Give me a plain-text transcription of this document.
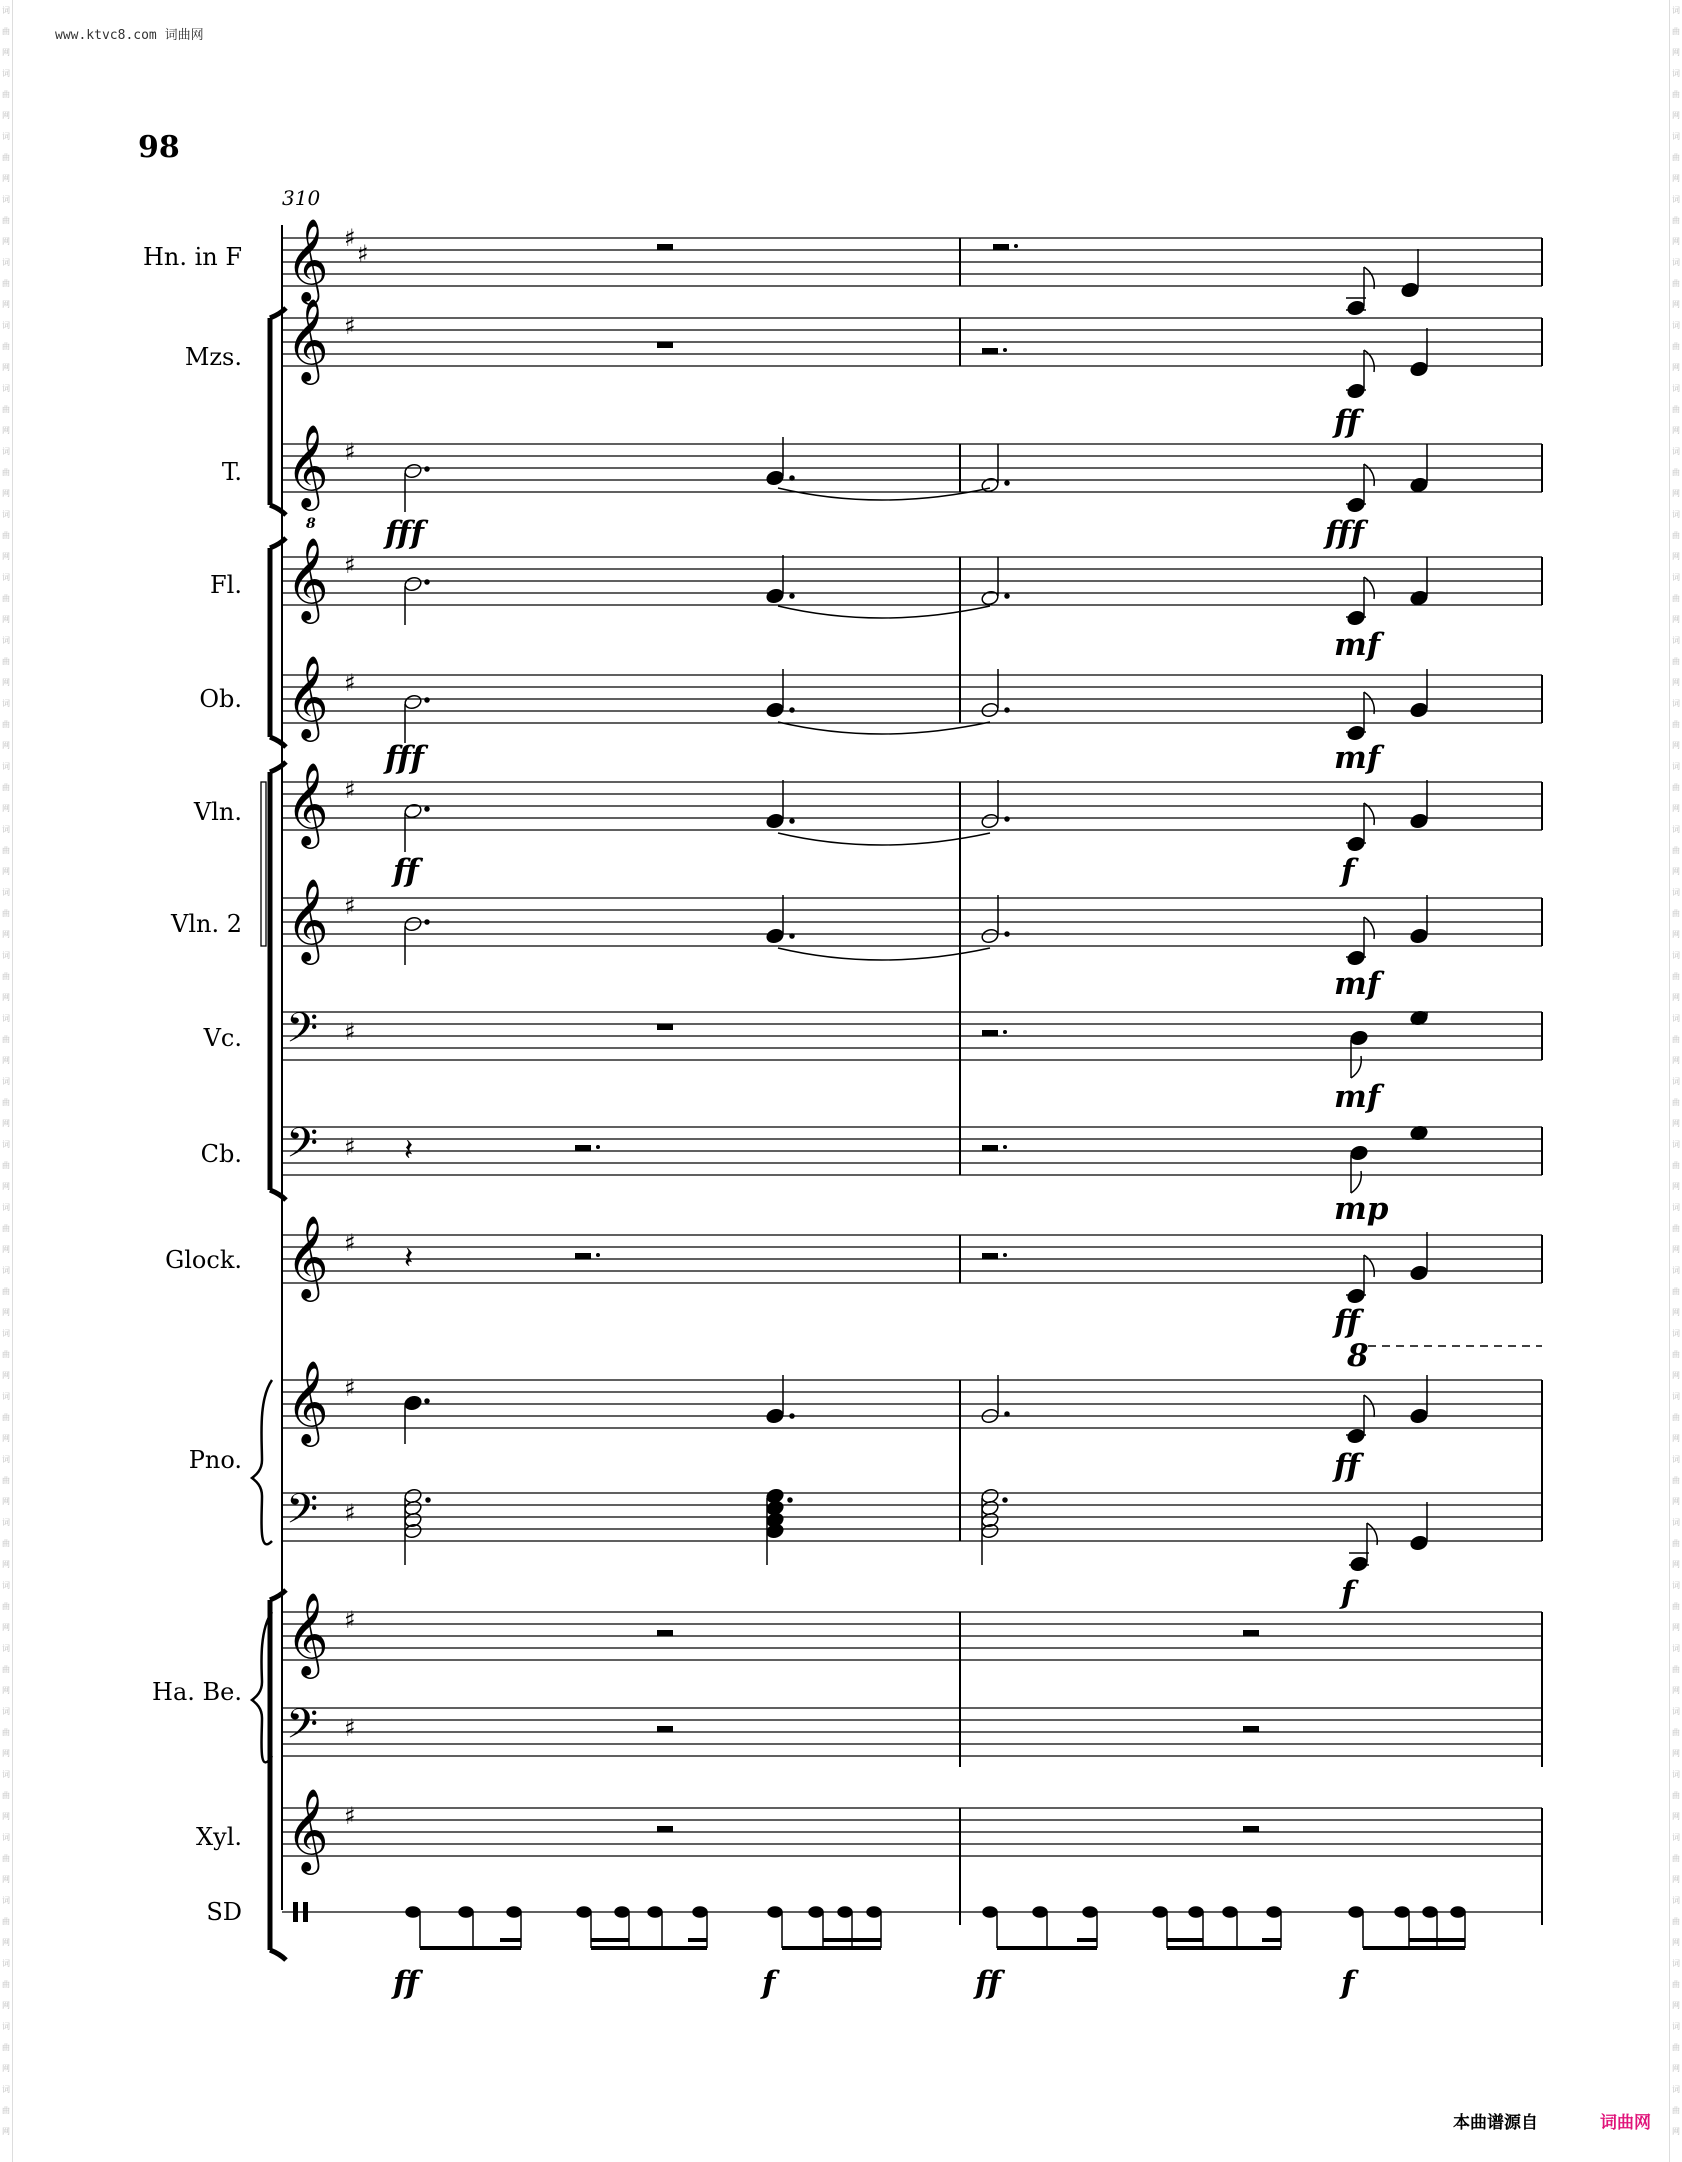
词曲网
词曲网
词曲网
词曲网
词曲网
词曲网
词曲网
词曲网
词曲网
词曲网
词曲网
词曲网
词曲网
词曲网
词曲网
词曲网
词曲网
词曲网
词曲网
词曲网
词曲网
词曲网
词曲网
词曲网
词曲网
词曲网
词曲网
词曲网
词曲网
词曲网
词曲网
词曲网
词曲网
词曲网
词曲网
词曲网
词曲网
词曲网
词曲网
词曲网
词曲网
词曲网
词曲网
词曲网
词曲网
词曲网
词曲网
词曲网
词曲网
词曲网
词曲网
词曲网
词曲网
词曲网
词曲网
词曲网
词曲网
词曲网
词曲网
词曲网
词曲网
词曲网
词曲网
词曲网
词曲网
词曲网
词曲网
词曲网
www.ktvc8.com 词曲网
98
本曲谱源自	词曲网
𝄞 ♯
♯
𝄞 ♯
𝄞 ♯
𝄞 ♯
𝄞 ♯
𝄞 ♯
𝄞 ♯
𝄢 ♯
𝄢 ♯
𝄞 ♯
𝄞 ♯
𝄢 ♯
𝄞 ♯
𝄢 ♯
𝄞 ♯
310
8
8
𝄽
𝄽
Hn. in F
Mzs.
T.
Fl.
Ob.
Vln.
Vln. 2
Vc.
Cb.
Glock.
Pno.
Ha. Be.
Xyl.
SD
ff
fff	fff
mf
fff	mf
ff	f
mf
mf
mp
ff
ff
f
ff	f	ff	f
